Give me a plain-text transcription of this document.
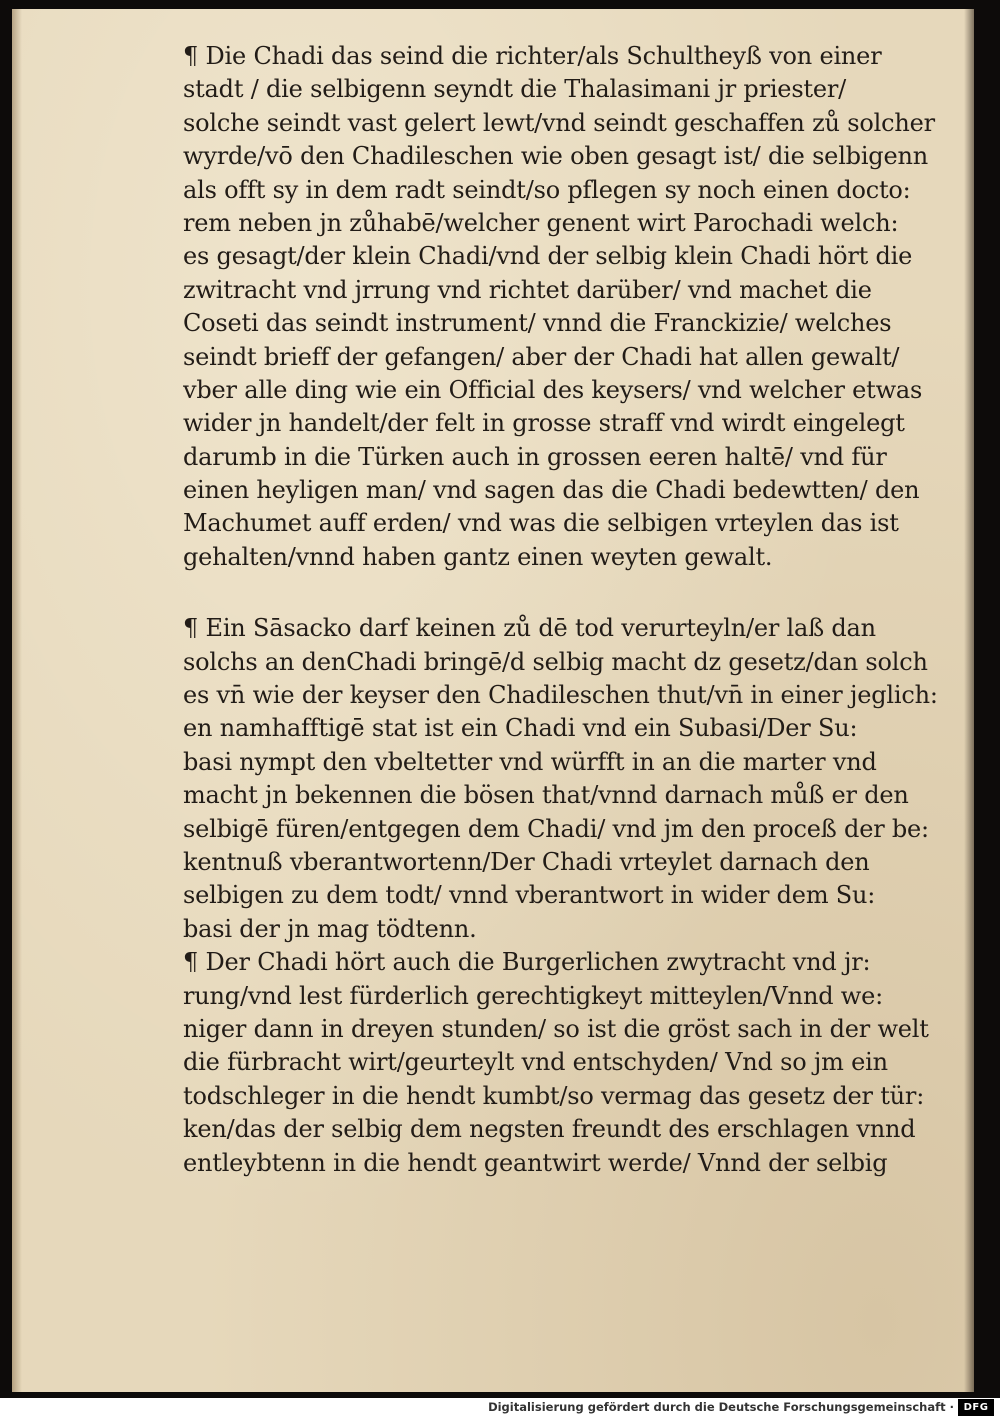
¶ Die Chadi das seind die richter/als Schultheyß von einer
stadt / die selbigenn seyndt die Thalasimani jr priester/
solche seindt vast gelert lewt/vnd seindt geschaffen zů solcher
wyrde/vō den Chadileschen wie oben gesagt ist/ die selbigenn
als offt sy in dem radt seindt/so pflegen sy noch einen docto:
rem neben jn zůhabē/welcher genent wirt Parochadi welch:
es gesagt/der klein Chadi/vnd der selbig klein Chadi hört die
zwitracht vnd jrrung vnd richtet darüber/ vnd machet die
Coseti das seindt instrument/ vnnd die Franckizie/ welches
seindt brieff der gefangen/ aber der Chadi hat allen gewalt/
vber alle ding wie ein Official des keysers/ vnd welcher etwas
wider jn handelt/der felt in grosse straff vnd wirdt eingelegt
darumb in die Türken auch in grossen eeren haltē/ vnd für
einen heyligen man/ vnd sagen das die Chadi bedewtten/ den
Machumet auff erden/ vnd was die selbigen vrteylen das ist
gehalten/vnnd haben gantz einen weyten gewalt.
¶ Ein Sāsacko darf keinen zů dē tod verurteyln/er laß dan
solchs an denChadi bringē/d selbig macht dz gesetz/dan solch
es vn̄ wie der keyser den Chadileschen thut/vn̄ in einer jeglich:
en namhafftigē stat ist ein Chadi vnd ein Subasi/Der Su:
basi nympt den vbeltetter vnd würfft in an die marter vnd
macht jn bekennen die bösen that/vnnd darnach můß er den
selbigē füren/entgegen dem Chadi/ vnd jm den proceß der be:
kentnuß vberantwortenn/Der Chadi vrteylet darnach den
selbigen zu dem todt/ vnnd vberantwort in wider dem Su:
basi der jn mag tödtenn.
¶ Der Chadi hört auch die Burgerlichen zwytracht vnd jr:
rung/vnd lest fürderlich gerechtigkeyt mitteylen/Vnnd we:
niger dann in dreyen stunden/ so ist die gröst sach in der welt
die fürbracht wirt/geurteylt vnd entschyden/ Vnd so jm ein
todschleger in die hendt kumbt/so vermag das gesetz der tür:
ken/das der selbig dem negsten freundt des erschlagen vnnd
entleybtenn in die hendt geantwirt werde/ Vnnd der selbig
Digitalisierung gefördert durch die Deutsche Forschungsgemeinschaft · DFG
